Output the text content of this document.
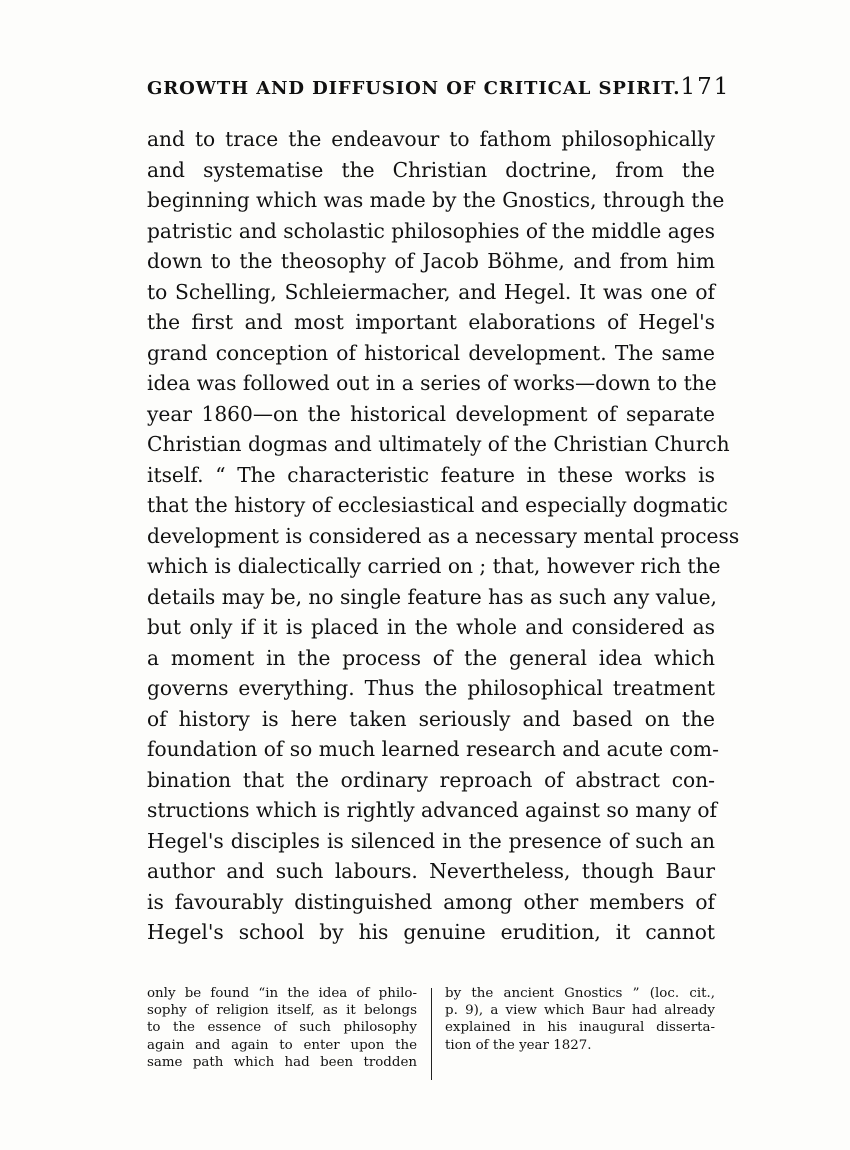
GROWTH AND DIFFUSION OF CRITICAL SPIRIT. 171
and to trace the endeavour to fathom philosophically
and systematise the Christian doctrine, from the
beginning which was made by the Gnostics, through the
patristic and scholastic philosophies of the middle ages
down to the theosophy of Jacob Böhme, and from him
to Schelling, Schleiermacher, and Hegel. It was one of
the first and most important elaborations of Hegel's
grand conception of historical development. The same
idea was followed out in a series of works—down to the
year 1860—on the historical development of separate
Christian dogmas and ultimately of the Christian Church
itself. “ The characteristic feature in these works is
that the history of ecclesiastical and especially dogmatic
development is considered as a necessary mental process
which is dialectically carried on ; that, however rich the
details may be, no single feature has as such any value,
but only if it is placed in the whole and considered as
a moment in the process of the general idea which
governs everything. Thus the philosophical treatment
of history is here taken seriously and based on the
foundation of so much learned research and acute com-
bination that the ordinary reproach of abstract con-
structions which is rightly advanced against so many of
Hegel's disciples is silenced in the presence of such an
author and such labours. Nevertheless, though Baur
is favourably distinguished among other members of
Hegel's school by his genuine erudition, it cannot
only be found “in the idea of philo-
sophy of religion itself, as it belongs
to the essence of such philosophy
again and again to enter upon the
same path which had been trodden
by the ancient Gnostics ” (loc. cit.,
p. 9), a view which Baur had already
explained in his inaugural disserta-
tion of the year 1827.
